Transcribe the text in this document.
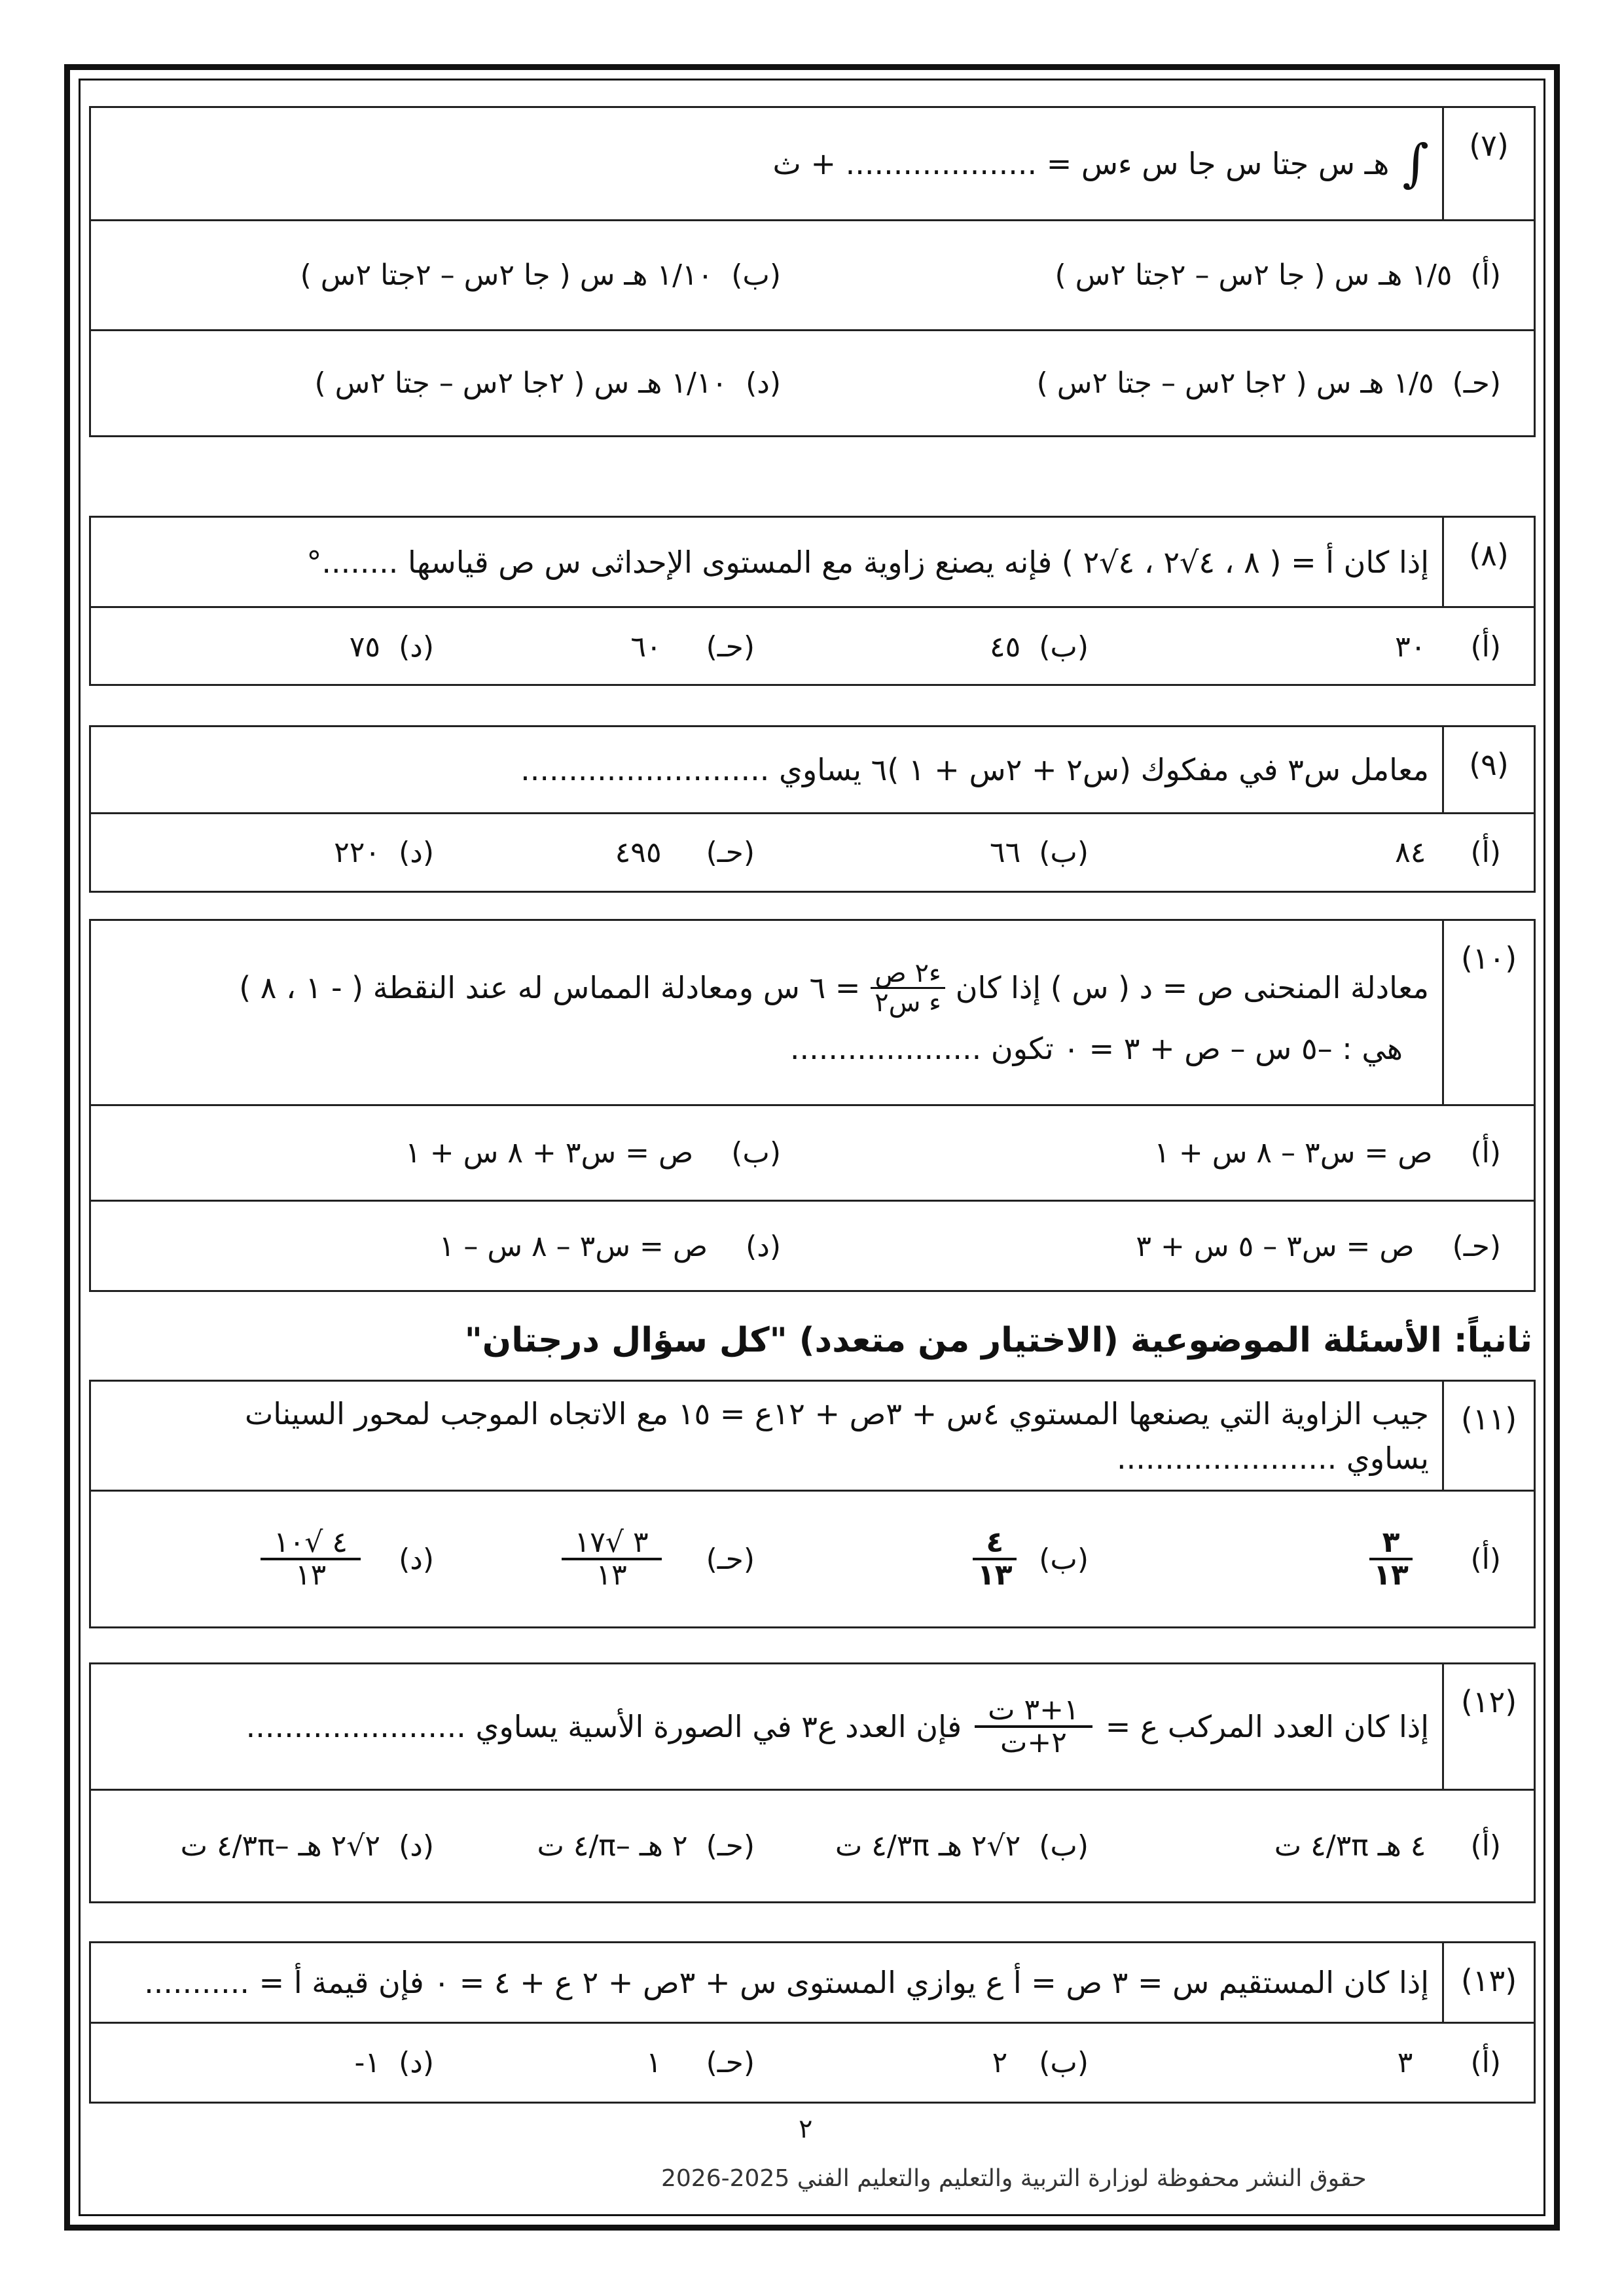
(٧)
∫
هـ س جتا س جا س ءس = .................... + ث
(أ)
١/٥ هـ س ( جا ٢س – ٢جتا ٢س )
(ب)
١/١٠ هـ س ( جا ٢س – ٢جتا ٢س )
(حـ)
١/٥ هـ س ( ٢جا ٢س – جتا ٢س )
(د)
١/١٠ هـ س ( ٢جا ٢س – جتا ٢س )
(٨)
إذا كان أ = ( ٨ ، ٤√٢ ، ٤√٢ ) فإنه يصنع زاوية مع المستوى الإحداثى س ص قياسها ........°
(أ)
٣٠
(ب)
٤٥
(حـ)
٦٠
(د)
٧٥
(٩)
معامل س٣ في مفكوك (س٢ + ٢س + ١ )٦ يساوي ..........................
(أ)
٨٤
(ب)
٦٦
(حـ)
٤٩٥
(د)
٢٢٠
(١٠)
معادلة المنحنى ص = د ( س ) إذا كان
$\frac{\text{ء٢ ص}}{\text{ء س٢}}$
= ٦ س ومعادلة المماس له عند النقطة ( - ١ ، ٨ )
هي : –٥ س – ص + ٣ = ٠ تكون ....................
(أ)
ص = س٣ – ٨ س + ١
(ب)
ص = س٣ + ٨ س + ١
(حـ)
ص = س٣ – ٥ س + ٣
(د)
ص = س٣ – ٨ س – ١
ثانياً: الأسئلة الموضوعية (الاختيار من متعدد) "كل سؤال درجتان"
(١١)
جيب الزاوية التي يصنعها المستوي ٤س + ٣ص + ١٢ع = ١٥ مع الاتجاه الموجب لمحور السينات
يساوي .......................
(أ)
$\frac{٣}{١٣}$
(ب)
$\frac{٤}{١٣}$
(حـ)
$\frac{٣ √١٧}{١٣}$
(د)
$\frac{٤ √١٠}{١٣}$
(١٢)
إذا كان العدد المركب ع =
$\frac{\text{١+٣ ت}}{\text{٢+ت}}$
فإن العدد ع٣ في الصورة الأسية يساوي .......................
(أ)
٤ هـ ٣π/٤ ت
(ب)
٢√٢ هـ ٣π/٤ ت
(حـ)
٢ هـ –π/٤ ت
(د)
٢√٢ هـ –٣π/٤ ت
(١٣)
إذا كان المستقيم س = ٣ ص = أ ع يوازي المستوى س + ٣ص + ٢ ع + ٤ = ٠ فإن قيمة أ = ...........
(أ)
٣
(ب)
٢
(حـ)
١
(د)
١-
٢
حقوق النشر محفوظة لوزارة التربية والتعليم والتعليم الفني 2025-2026
